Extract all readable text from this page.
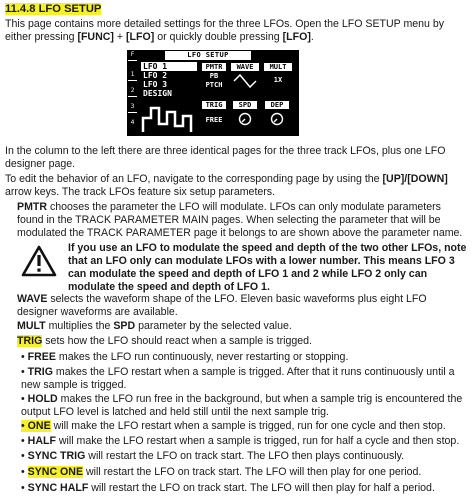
11.4.8 LFO SETUP
This page contains more detailed settings for the three LFOs. Open the LFO SETUP menu by either pressing [FUNC] + [LFO] or quickly double pressing [LFO].
F
1
2
3
4
LFO SETUP
LFO 1
LFO 2
LFO 3
DESIGN
PMTR
PB
PTCH
WAVE	MULT
1X
TRIG
FREE
SPD	DEP
In the column to the left there are three identical pages for the three track LFOs, plus one LFO designer page.
To edit the behavior of an LFO, navigate to the corresponding page by using the [UP]/[DOWN] arrow keys. The track LFOs feature six setup parameters.
PMTR chooses the parameter the LFO will modulate. LFOs can only modulate parameters found in the TRACK PARAMETER MAIN pages. When selecting the parameter that will be modulated the TRACK PARAMETER page it belongs to are shown above the parameter name.
If you use an LFO to modulate the speed and depth of the two other LFOs, note that an LFO only can modulate LFOs with a lower number. This means LFO 3 can modulate the speed and depth of LFO 1 and 2 while LFO 2 only can modulate the speed and depth of LFO 1.
WAVE selects the waveform shape of the LFO. Eleven basic waveforms plus eight LFO designer waveforms are available.
MULT multiplies the SPD parameter by the selected value.
TRIG sets how the LFO should react when a sample is trigged.
• FREE makes the LFO run continuously, never restarting or stopping.
• TRIG makes the LFO restart when a sample is trigged. After that it runs continuously until a new sample is trigged.
• HOLD makes the LFO run free in the background, but when a sample trig is encountered the output LFO level is latched and held still until the next sample trig.
• ONE will make the LFO restart when a sample is trigged, run for one cycle and then stop.
• HALF will make the LFO restart when a sample is trigged, run for half a cycle and then stop.
• SYNC TRIG will restart the LFO on track start. The LFO then plays continuously.
• SYNC ONE will restart the LFO on track start. The LFO will then play for one period.
• SYNC HALF will restart the LFO on track start. The LFO will then play for half a period.
